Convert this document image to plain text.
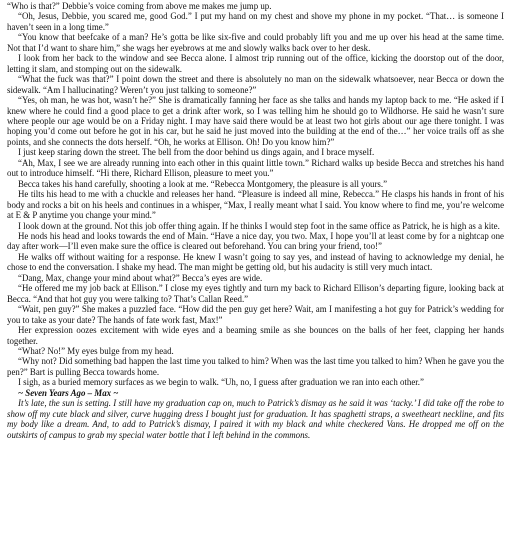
“Who is that?” Debbie’s voice coming from above me makes me jump up.

“Oh, Jesus, Debbie, you scared me, good God.” I put my hand on my chest and shove my phone in my pocket. “That… is someone I haven’t seen in a long time.”

“You know that beefcake of a man? He’s gotta be like six-five and could probably lift you and me up over his head at the same time. Not that I’d want to share him,” she wags her eyebrows at me and slowly walks back over to her desk.

I look from her back to the window and see Becca alone. I almost trip running out of the office, kicking the doorstop out of the door, letting it slam, and stomping out on the sidewalk.

“What the fuck was that?” I point down the street and there is absolutely no man on the sidewalk whatsoever, near Becca or down the sidewalk. “Am I hallucinating? Weren’t you just talking to someone?”

“Yes, oh man, he was hot, wasn’t he?” She is dramatically fanning her face as she talks and hands my laptop back to me. “He asked if I knew where he could find a good place to get a drink after work, so I was telling him he should go to Wildhorse. He said he wasn’t sure where people our age would be on a Friday night. I may have said there would be at least two hot girls about our age there tonight. I was hoping you’d come out before he got in his car, but he said he just moved into the building at the end of the…” her voice trails off as she points, and she connects the dots herself. “Oh, he works at Ellison. Oh! Do you know him?”

I just keep staring down the street. The bell from the door behind us dings again, and I brace myself.

“Ah, Max, I see we are already running into each other in this quaint little town.” Richard walks up beside Becca and stretches his hand out to introduce himself. “Hi there, Richard Ellison, pleasure to meet you.”

Becca takes his hand carefully, shooting a look at me. “Rebecca Montgomery, the pleasure is all yours.”

He tilts his head to me with a chuckle and releases her hand. “Pleasure is indeed all mine, Rebecca.” He clasps his hands in front of his body and rocks a bit on his heels and continues in a whisper, “Max, I really meant what I said. You know where to find me, you’re welcome at E & P anytime you change your mind.”

I look down at the ground. Not this job offer thing again. If he thinks I would step foot in the same office as Patrick, he is high as a kite.

He nods his head and looks towards the end of Main. “Have a nice day, you two. Max, I hope you’ll at least come by for a nightcap one day after work—I’ll even make sure the office is cleared out beforehand. You can bring your friend, too!”

He walks off without waiting for a response. He knew I wasn’t going to say yes, and instead of having to acknowledge my denial, he chose to end the conversation. I shake my head. The man might be getting old, but his audacity is still very much intact.

“Dang, Max, change your mind about what?” Becca’s eyes are wide.

“He offered me my job back at Ellison.” I close my eyes tightly and turn my back to Richard Ellison’s departing figure, looking back at Becca. “And that hot guy you were talking to? That’s Callan Reed.”

“Wait, pen guy?” She makes a puzzled face. “How did the pen guy get here? Wait, am I manifesting a hot guy for Patrick’s wedding for you to take as your date? The hands of fate work fast, Max!”

Her expression oozes excitement with wide eyes and a beaming smile as she bounces on the balls of her feet, clapping her hands together.

“What? No!” My eyes bulge from my head.

“Why not? Did something bad happen the last time you talked to him? When was the last time you talked to him? When he gave you the pen?” Bart is pulling Becca towards home.

I sigh, as a buried memory surfaces as we begin to walk. “Uh, no, I guess after graduation we ran into each other.”

~ Seven Years Ago – Max ~

It’s late, the sun is setting. I still have my graduation cap on, much to Patrick’s dismay as he said it was ‘tacky.’ I did take off the robe to show off my cute black and silver, curve hugging dress I bought just for graduation. It has spaghetti straps, a sweetheart neckline, and fits my body like a dream. And, to add to Patrick’s dismay, I paired it with my black and white checkered Vans. He dropped me off on the outskirts of campus to grab my special water bottle that I left behind in the commons.
